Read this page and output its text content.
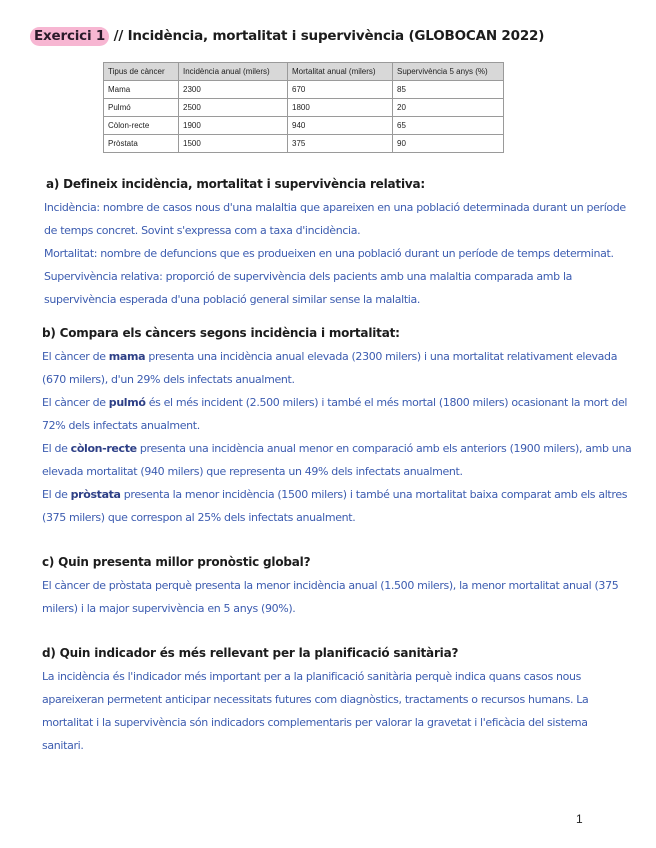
Exercici 1 // Incidència, mortalitat i supervivència (GLOBOCAN 2022)
Tipus de càncer	Incidència anual (milers)	Mortalitat anual (milers)	Supervivència 5 anys (%)
Mama	2300	670	85
Pulmó	2500	1800	20
Còlon-recte	1900	940	65
Pròstata	1500	375	90
a) Defineix incidència, mortalitat i supervivència relativa:

Incidència: nombre de casos nous d'una malaltia que apareixen en una població determinada durant un període de temps concret. Sovint s'expressa com a taxa d'incidència.

Mortalitat: nombre de defuncions que es produeixen en una població durant un període de temps determinat.

Supervivència relativa: proporció de supervivència dels pacients amb una malaltia comparada amb la supervivència esperada d'una població general similar sense la malaltia.

b) Compara els càncers segons incidència i mortalitat:

El càncer de mama presenta una incidència anual elevada (2300 milers) i una mortalitat relativament elevada (670 milers), d'un 29% dels infectats anualment.

El càncer de pulmó és el més incident (2.500 milers) i també el més mortal (1800 milers) ocasionant la mort del 72% dels infectats anualment.

El de còlon-recte presenta una incidència anual menor en comparació amb els anteriors (1900 milers), amb una elevada mortalitat (940 milers) que representa un 49% dels infectats anualment.

El de pròstata presenta la menor incidència (1500 milers) i també una mortalitat baixa comparat amb els altres (375 milers) que correspon al 25% dels infectats anualment.

c) Quin presenta millor pronòstic global?

El càncer de pròstata perquè presenta la menor incidència anual (1.500 milers), la menor mortalitat anual (375 milers) i la major supervivència en 5 anys (90%).

d) Quin indicador és més rellevant per la planificació sanitària?

La incidència és l'indicador més important per a la planificació sanitària perquè indica quans casos nous apareixeran permetent anticipar necessitats futures com diagnòstics, tractaments o recursos humans. La mortalitat i la supervivència són indicadors complementaris per valorar la gravetat i l'eficàcia del sistema sanitari.

1
